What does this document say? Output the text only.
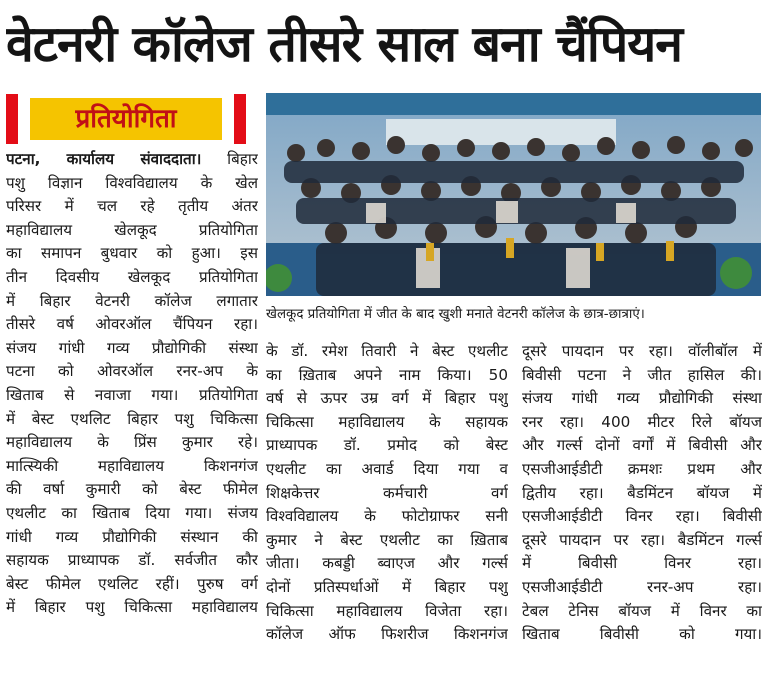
वेटनरी कॉलेज तीसरे साल बना चैंपियन
प्रतियोगिता
खेलकूद प्रतियोगिता में जीत के बाद खुशी मनाते वेटनरी कॉलेज के छात्र-छात्राएं।

पटना, कार्यालय संवाददाता। बिहार

पशु विज्ञान विश्वविद्यालय के खेल

परिसर में चल रहे तृतीय अंतर

महाविद्यालय खेलकूद प्रतियोगिता

का समापन बुधवार को हुआ। इस

तीन दिवसीय खेलकूद प्रतियोगिता

में बिहार वेटनरी कॉलेज लगातार

तीसरे वर्ष ओवरऑल चैंपियन रहा।

संजय गांधी गव्य प्रौद्योगिकी संस्था

पटना को ओवरऑल रनर-अप के

खिताब से नवाजा गया। प्रतियोगिता

में बेस्ट एथलिट बिहार पशु चिकित्सा

महाविद्यालय के प्रिंस कुमार रहे।

मात्स्यिकी महाविद्यालय किशनगंज

की वर्षा कुमारी को बेस्ट फीमेल

एथलीट का खिताब दिया गया। संजय

गांधी गव्य प्रौद्योगिकी संस्थान की

सहायक प्राध्यापक डॉ. सर्वजीत कौर

बेस्ट फीमेल एथलिट रहीं। पुरुष वर्ग

में बिहार पशु चिकित्सा महाविद्यालय

के डॉ. रमेश तिवारी ने बेस्ट एथलीट

का ख़िताब अपने नाम किया। 50

वर्ष से ऊपर उम्र वर्ग में बिहार पशु

चिकित्सा महाविद्यालय के सहायक

प्राध्यापक डॉ. प्रमोद को बेस्ट

एथलीट का अवार्ड दिया गया व

शिक्षकेत्तर कर्मचारी वर्ग

विश्वविद्यालय के फोटोग्राफर सनी

कुमार ने बेस्ट एथलीट का ख़िताब

जीता। कबड्डी ब्वाएज और गर्ल्स

दोनों प्रतिस्पर्धाओं में बिहार पशु

चिकित्सा महाविद्यालय विजेता रहा।

कॉलेज ऑफ फिशरीज किशनगंज

दूसरे पायदान पर रहा। वॉलीबॉल में

बिवीसी पटना ने जीत हासिल की।

संजय गांधी गव्य प्रौद्योगिकी संस्था

रनर रहा। 400 मीटर रिले बॉयज

और गर्ल्स दोनों वर्गों में बिवीसी और

एसजीआईडीटी क्रमशः प्रथम और

द्वितीय रहा। बैडमिंटन बॉयज में

एसजीआईडीटी विनर रहा। बिवीसी

दूसरे पायदान पर रहा। बैडमिंटन गर्ल्स

में बिवीसी विनर रहा।

एसजीआईडीटी रनर-अप रहा।

टेबल टेनिस बॉयज में विनर का

खिताब बिवीसी को गया।
